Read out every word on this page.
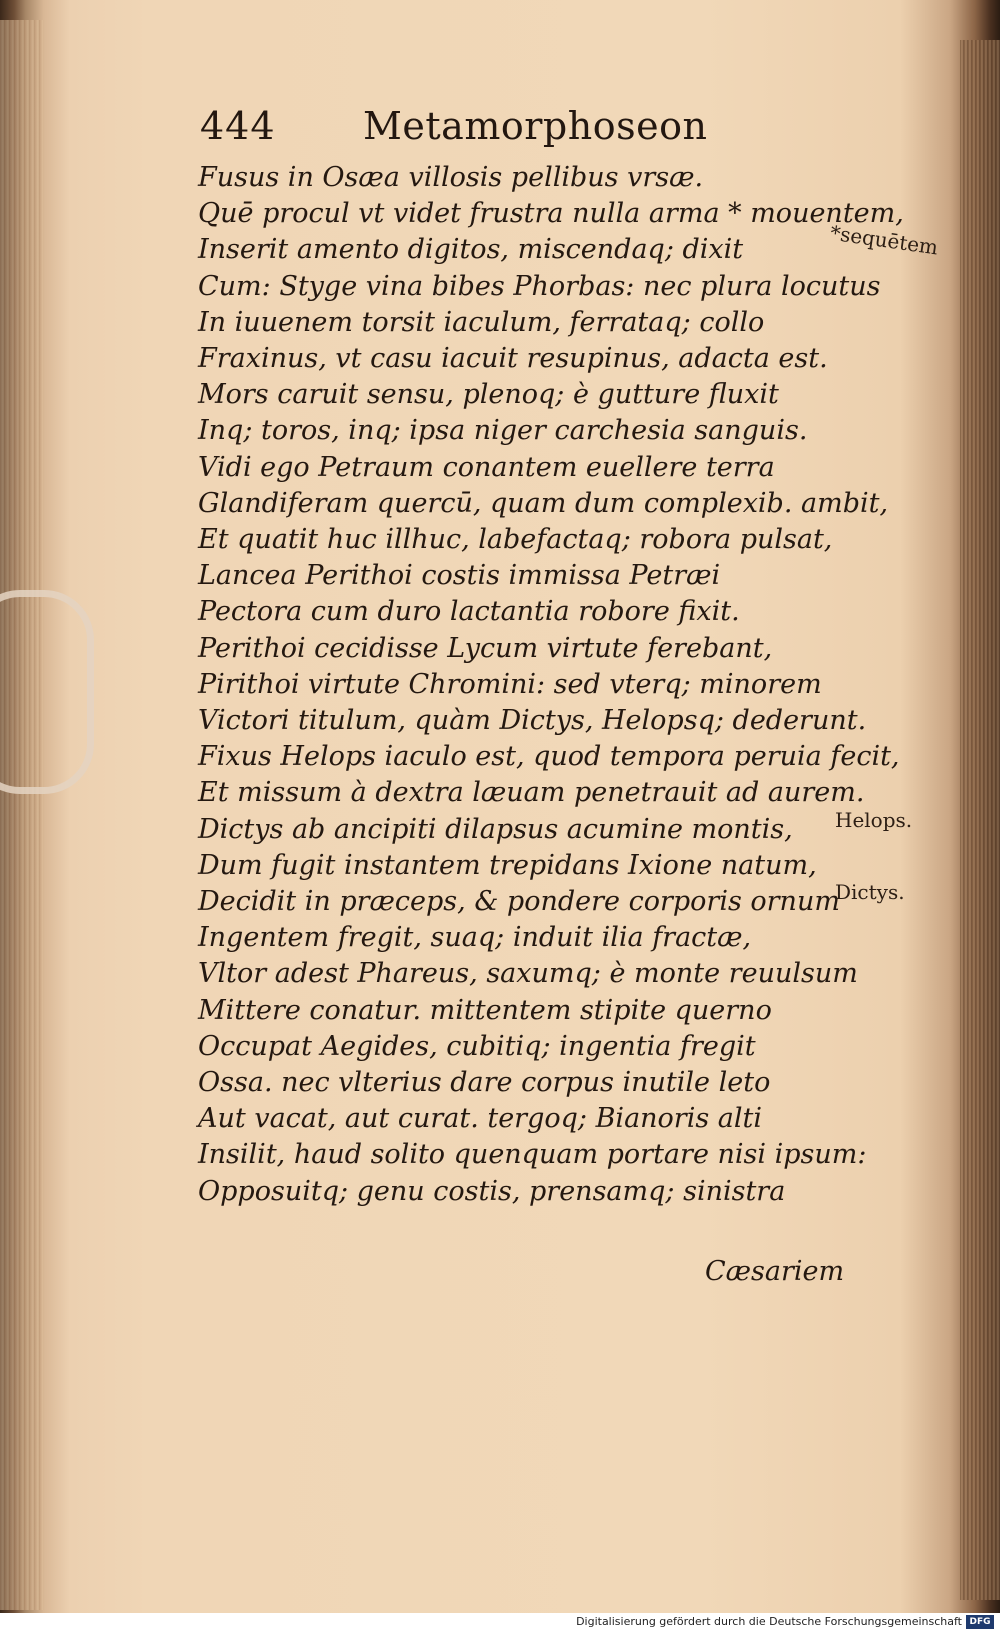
444 Metamorphoseon
Fusus in Osæa villosis pellibus vrsæ.
Quē procul vt videt frustra nulla arma * mouentem,
Inserit amento digitos, miscendaq; dixit
Cum: Styge vina bibes Phorbas: nec plura locutus
In iuuenem torsit iaculum, ferrataq; collo
Fraxinus, vt casu iacuit resupinus, adacta est.
Mors caruit sensu, plenoq; è gutture fluxit
Inq; toros, inq; ipsa niger carchesia sanguis.
Vidi ego Petraum conantem euellere terra
Glandiferam quercū, quam dum complexib. ambit,
Et quatit huc illhuc, labefactaq; robora pulsat,
Lancea Perithoi costis immissa Petræi
Pectora cum duro lactantia robore fixit.
Perithoi cecidisse Lycum virtute ferebant,
Pirithoi virtute Chromini: sed vterq; minorem
Victori titulum, quàm Dictys, Helopsq; dederunt.
Fixus Helops iaculo est, quod tempora peruia fecit,
Et missum à dextra læuam penetrauit ad aurem.
Dictys ab ancipiti dilapsus acumine montis,
Dum fugit instantem trepidans Ixione natum,
Decidit in præceps, & pondere corporis ornum
Ingentem fregit, suaq; induit ilia fractæ,
Vltor adest Phareus, saxumq; è monte reuulsum
Mittere conatur. mittentem stipite querno
Occupat Aegides, cubitiq; ingentia fregit
Ossa. nec vlterius dare corpus inutile leto
Aut vacat, aut curat. tergoq; Bianoris alti
Insilit, haud solito quenquam portare nisi ipsum:
Opposuitq; genu costis, prensamq; sinistra
*sequētem
Helops.
Dictys.
Cæsariem
Digitalisierung gefördert durch die Deutsche Forschungsgemeinschaft DFG
